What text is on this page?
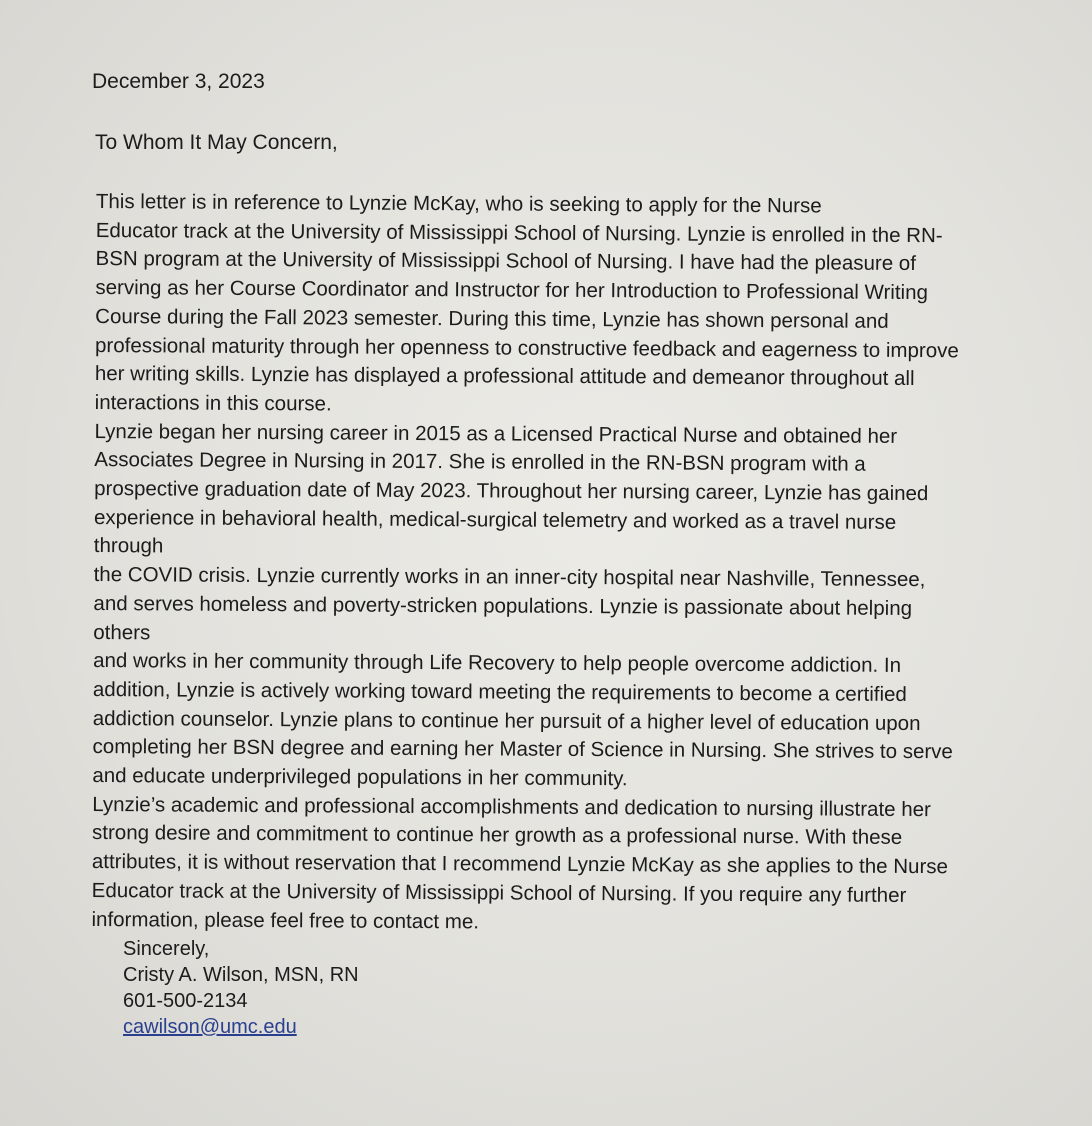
December 3, 2023
To Whom It May Concern,
This letter is in reference to Lynzie McKay, who is seeking to apply for the Nurse
Educator track at the University of Mississippi School of Nursing. Lynzie is enrolled in the RN-
BSN program at the University of Mississippi School of Nursing. I have had the pleasure of
serving as her Course Coordinator and Instructor for her Introduction to Professional Writing
Course during the Fall 2023 semester. During this time, Lynzie has shown personal and
professional maturity through her openness to constructive feedback and eagerness to improve
her writing skills. Lynzie has displayed a professional attitude and demeanor throughout all
interactions in this course.
Lynzie began her nursing career in 2015 as a Licensed Practical Nurse and obtained her
Associates Degree in Nursing in 2017. She is enrolled in the RN-BSN program with a
prospective graduation date of May 2023. Throughout her nursing career, Lynzie has gained
experience in behavioral health, medical-surgical telemetry and worked as a travel nurse
through
the COVID crisis. Lynzie currently works in an inner-city hospital near Nashville, Tennessee,
and serves homeless and poverty-stricken populations. Lynzie is passionate about helping
others
and works in her community through Life Recovery to help people overcome addiction. In
addition, Lynzie is actively working toward meeting the requirements to become a certified
addiction counselor. Lynzie plans to continue her pursuit of a higher level of education upon
completing her BSN degree and earning her Master of Science in Nursing. She strives to serve
and educate underprivileged populations in her community.
Lynzie’s academic and professional accomplishments and dedication to nursing illustrate her
strong desire and commitment to continue her growth as a professional nurse. With these
attributes, it is without reservation that I recommend Lynzie McKay as she applies to the Nurse
Educator track at the University of Mississippi School of Nursing. If you require any further
information, please feel free to contact me.
Sincerely,
Cristy A. Wilson, MSN, RN
601-500-2134
cawilson@umc.edu
